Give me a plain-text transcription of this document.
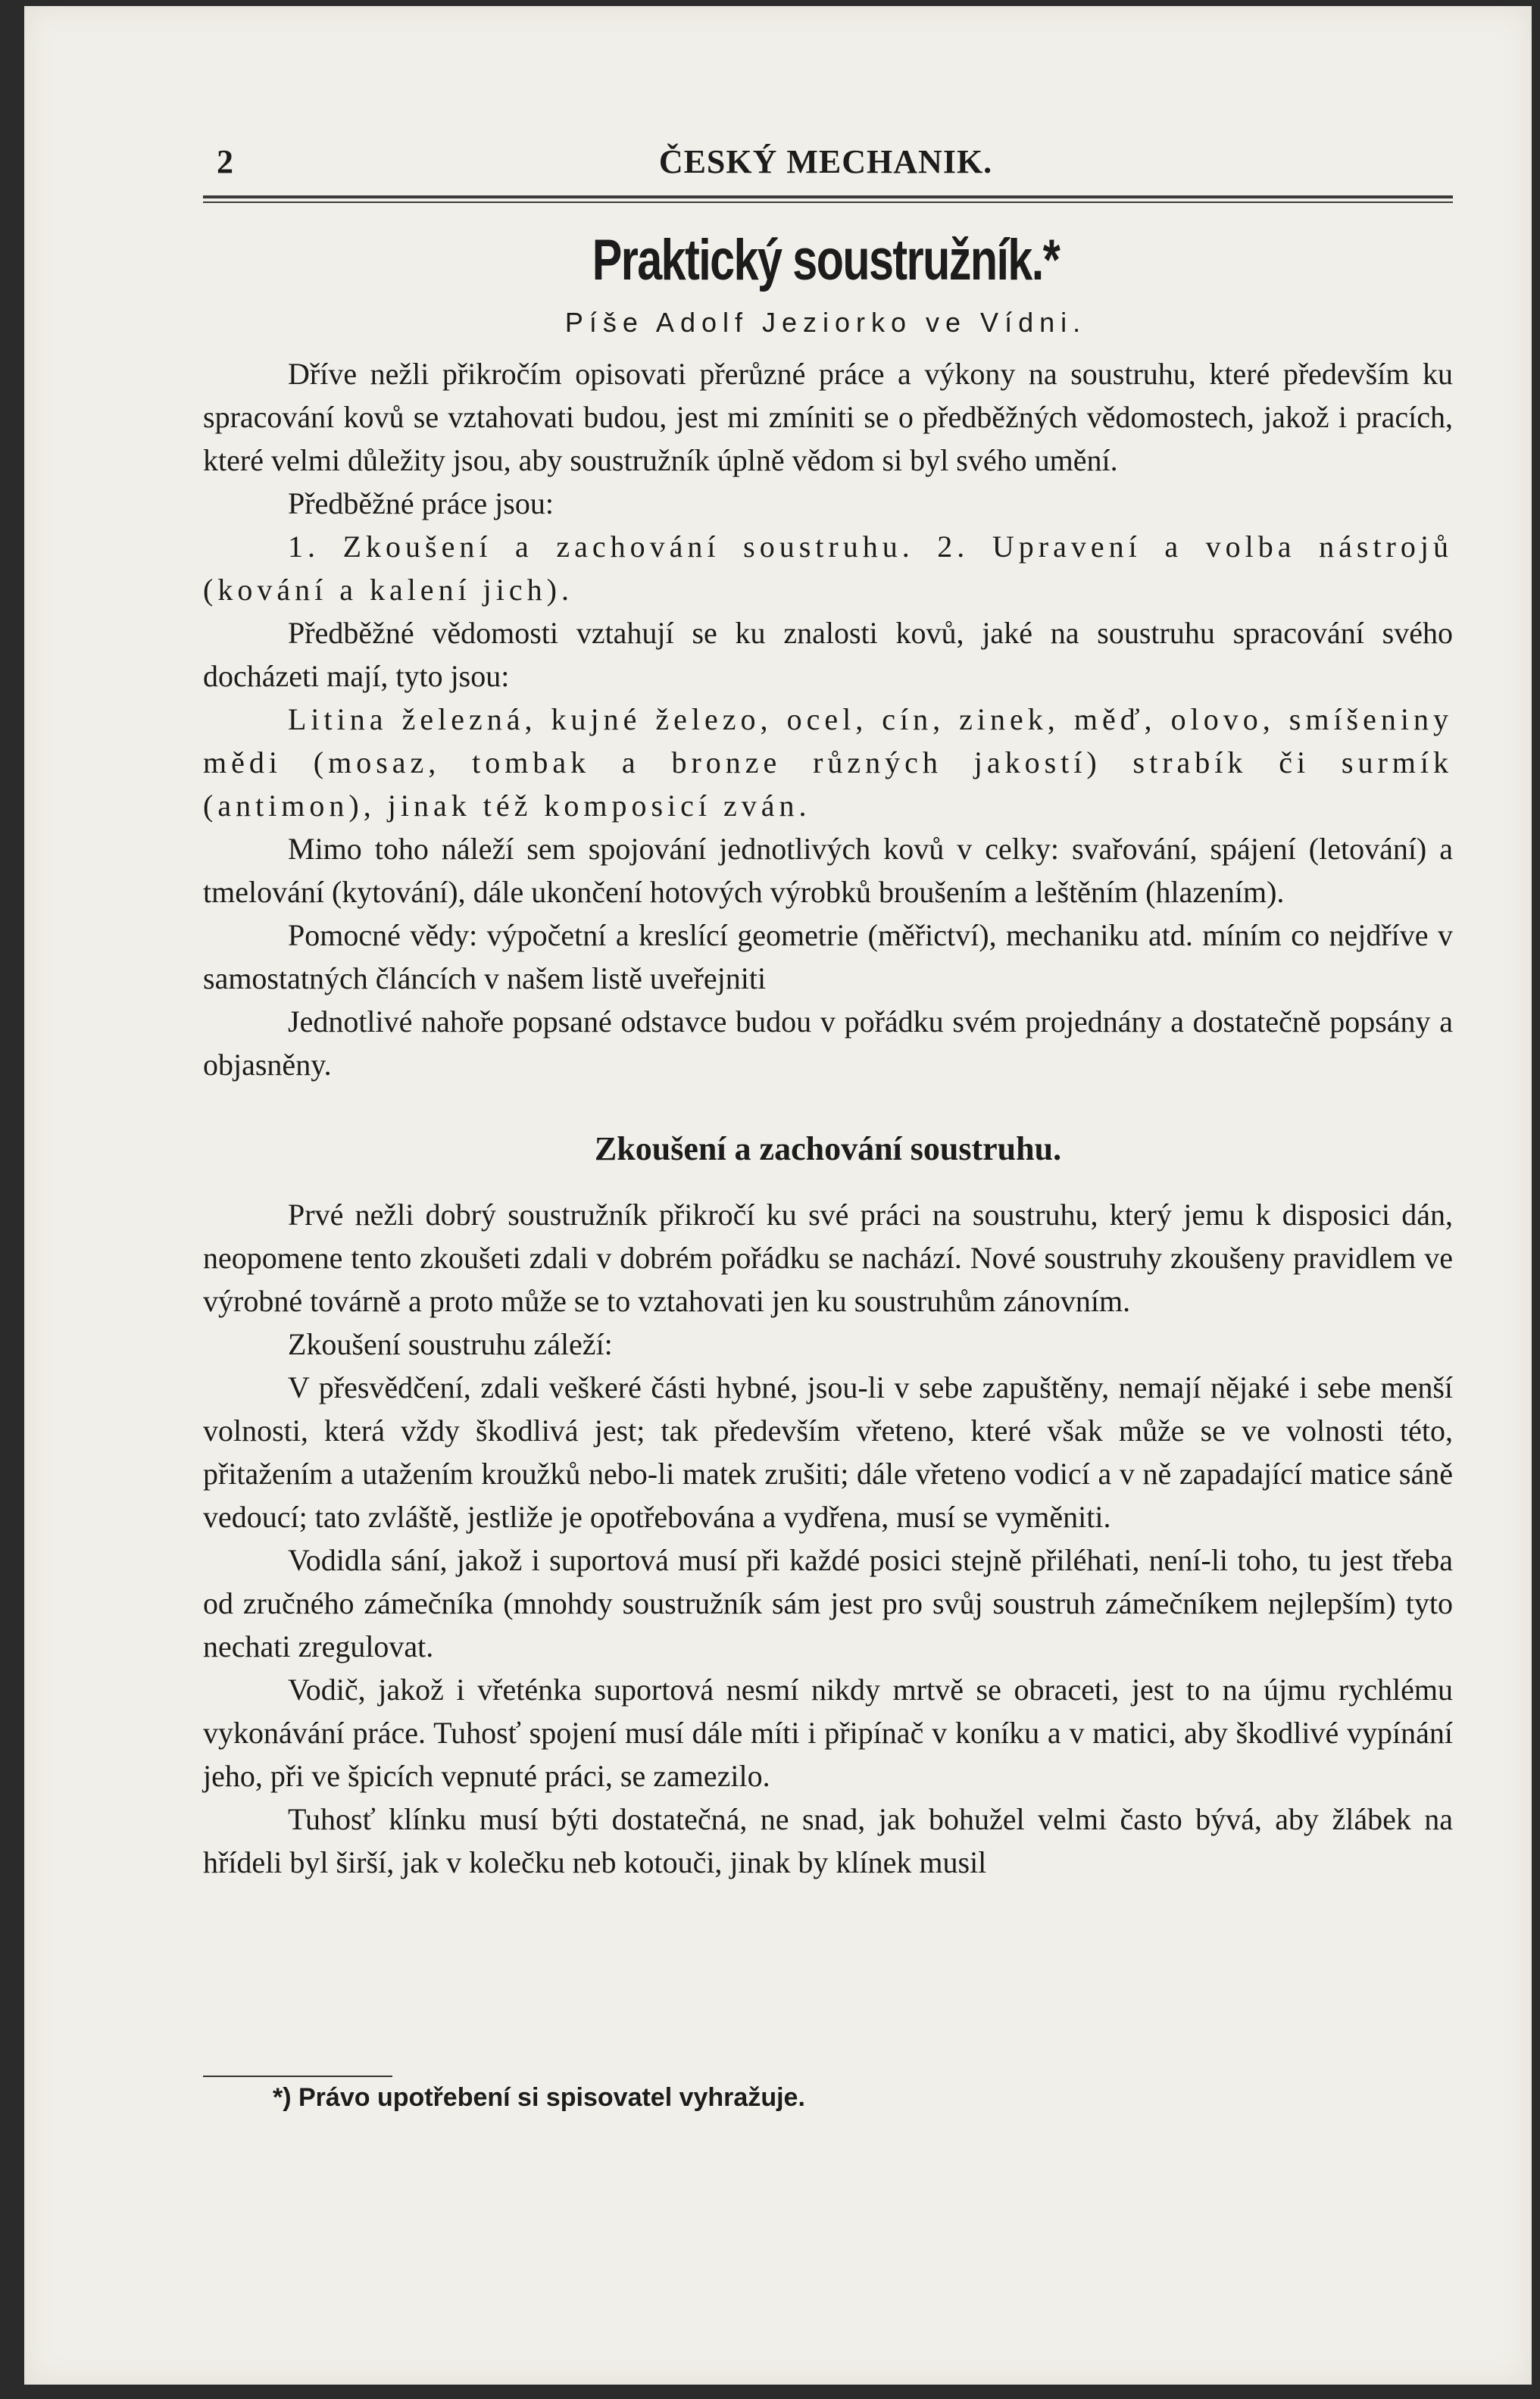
2	ČESKÝ MECHANIK.
Praktický soustružník.*
Píše Adolf Jeziorko ve Vídni.

Dříve nežli přikročím opisovati přerůzné práce a výkony na soustruhu, které především ku spracování kovů se vztahovati budou, jest mi zmíniti se o předběžných vědomostech, jakož i pracích, které velmi důležity jsou, aby soustružník úplně vědom si byl svého umění.

Předběžné práce jsou:

1. Zkoušení a zachování soustruhu. 2. Upravení a volba nástrojů (kování a kalení jich).

Předběžné vědomosti vztahují se ku znalosti kovů, jaké na soustruhu spracování svého docházeti mají, tyto jsou:

Litina železná, kujné železo, ocel, cín, zinek, měď, olovo, smíšeniny mědi (mosaz, tombak a bronze různých jakostí) strabík či surmík (antimon), jinak též komposicí zván.

Mimo toho náleží sem spojování jednotlivých kovů v celky: svařování, spájení (letování) a tmelování (kytování), dále ukončení hotových výrobků broušením a leštěním (hlazením).

Pomocné vědy: výpočetní a kreslící geometrie (měřictví), mechaniku atd. míním co nejdříve v samostatných článcích v našem listě uveřejniti

Jednotlivé nahoře popsané odstavce budou v pořádku svém projednány a dostatečně popsány a objasněny.

Zkoušení a zachování soustruhu.

Prvé nežli dobrý soustružník přikročí ku své práci na soustruhu, který jemu k disposici dán, neopomene tento zkoušeti zdali v dobrém pořádku se nachází. Nové soustruhy zkoušeny pravidlem ve výrobné továrně a proto může se to vztahovati jen ku soustruhům zánovním.

Zkoušení soustruhu záleží:

V přesvědčení, zdali veškeré části hybné, jsou-li v sebe zapuštěny, nemají nějaké i sebe menší volnosti, která vždy škodlivá jest; tak především vřeteno, které však může se ve volnosti této, přitažením a utažením kroužků nebo-li matek zrušiti; dále vřeteno vodicí a v ně zapadající matice sáně vedoucí; tato zvláště, jestliže je opotřebována a vydřena, musí se vyměniti.

Vodidla sání, jakož i suportová musí při každé posici stejně přiléhati, není-li toho, tu jest třeba od zručného zámečníka (mnohdy soustružník sám jest pro svůj soustruh zámečníkem nejlepším) tyto nechati zregulovat.

Vodič, jakož i vřeténka suportová nesmí nikdy mrtvě se obraceti, jest to na újmu rychlému vykonávání práce. Tuhosť spojení musí dále míti i připínač v koníku a v matici, aby škodlivé vypínání jeho, při ve špicích vepnuté práci, se zamezilo.

Tuhosť klínku musí býti dostatečná, ne snad, jak bohužel velmi často bývá, aby žlábek na hřídeli byl širší, jak v kolečku neb kotouči, jinak by klínek musil

*) Právo upotřebení si spisovatel vyhražuje.
